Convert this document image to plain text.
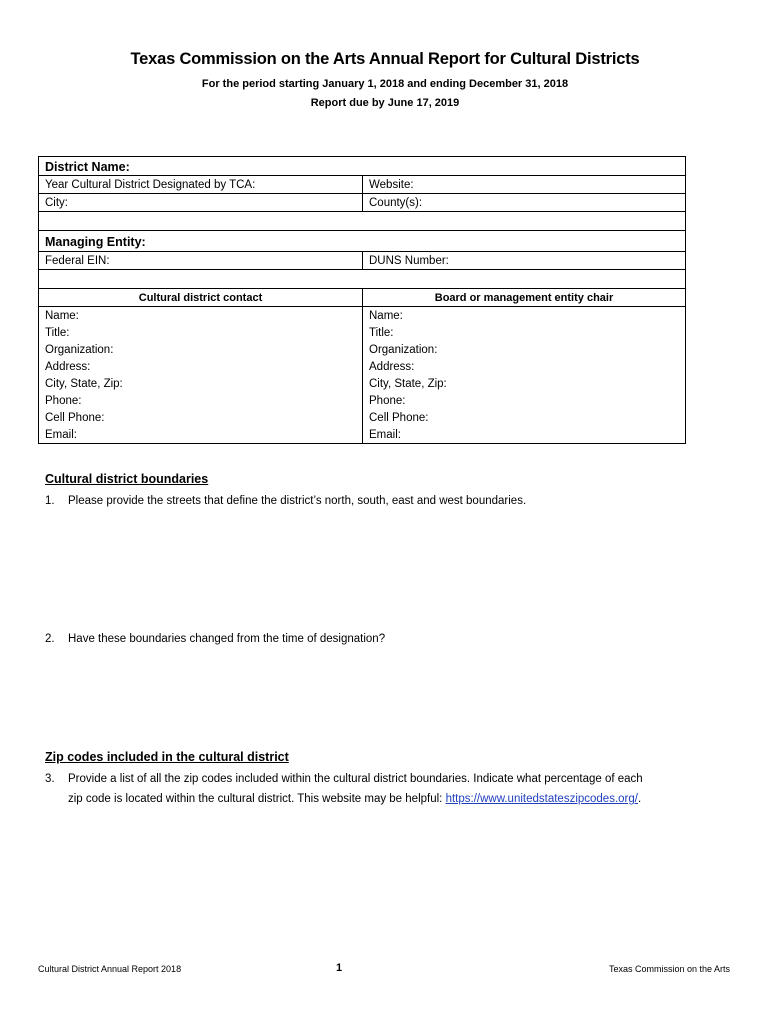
Texas Commission on the Arts Annual Report for Cultural Districts
For the period starting January 1, 2018 and ending December 31, 2018
Report due by June 17, 2019
District Name:	
Year Cultural District Designated by TCA:	Website:
City:	County(s):

Managing Entity:	
Federal EIN:	DUNS Number:

Cultural district contact	Board or management entity chair
Name:	Name:
Title:	Title:
Organization:	Organization:
Address:	Address:
City, State, Zip:	City, State, Zip:
Phone:	Phone:
Cell Phone:	Cell Phone:
Email:	Email:
Cultural district boundaries
1. Please provide the streets that define the district’s north, south, east and west boundaries.
2. Have these boundaries changed from the time of designation?
Zip codes included in the cultural district
3. Provide a list of all the zip codes included within the cultural district boundaries. Indicate what percentage of each
zip code is located within the cultural district. This website may be helpful: https://www.unitedstateszipcodes.org/.
Cultural District Annual Report 2018	1	Texas Commission on the Arts
